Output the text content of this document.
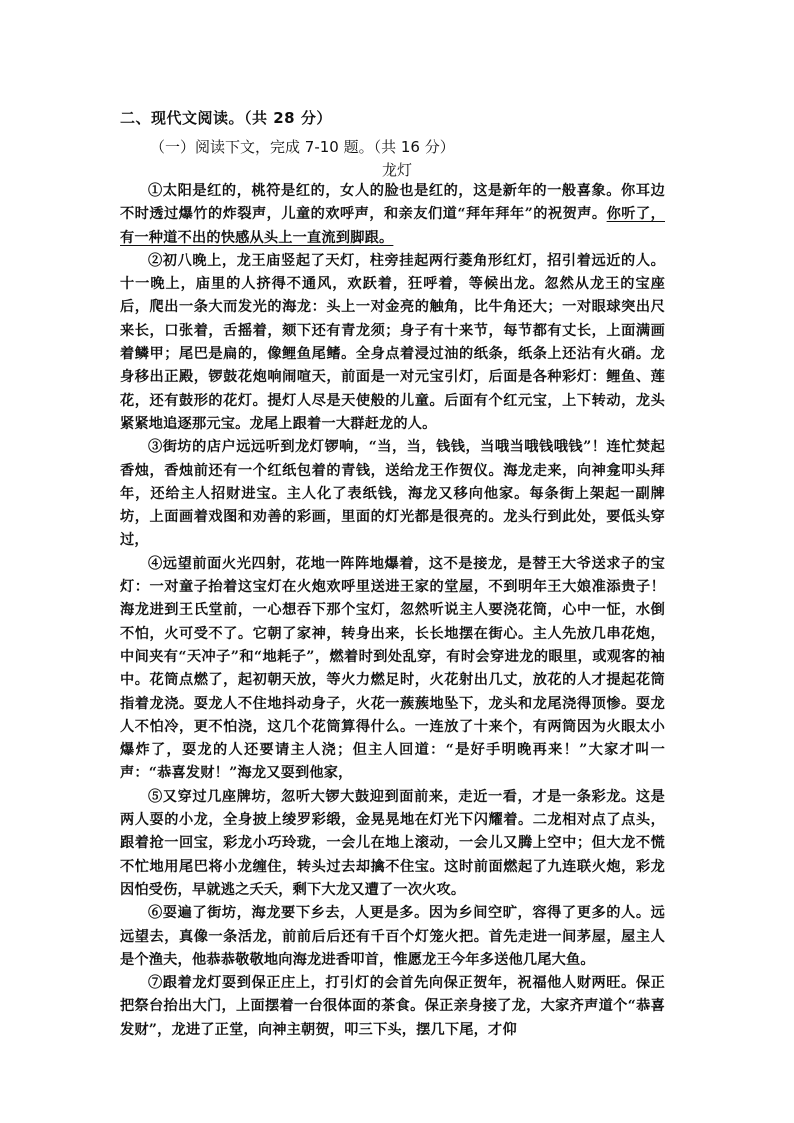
二、现代文阅读。（共 28 分）
（一）阅读下文，完成 7-10 题。（共 16 分）
龙灯

①太阳是红的，桃符是红的，女人的脸也是红的，这是新年的一般喜象。你耳边不时透过爆竹的炸裂声，儿童的欢呼声，和亲友们道“拜年拜年”的祝贺声。你听了，有一种道不出的快感从头上一直流到脚跟。

②初八晚上，龙王庙竖起了天灯，柱旁挂起两行菱角形红灯，招引着远近的人。十一晚上，庙里的人挤得不通风，欢跃着，狂呼着，等候出龙。忽然从龙王的宝座后，爬出一条大而发光的海龙：头上一对金亮的触角，比牛角还大；一对眼球突出尺来长，口张着，舌摇着，颏下还有青龙须；身子有十来节，每节都有丈长，上面满画着鳞甲；尾巴是扁的，像鲤鱼尾鳍。全身点着浸过油的纸条，纸条上还沾有火硝。龙身移出正殿，锣鼓花炮响闹喧天，前面是一对元宝引灯，后面是各种彩灯：鲤鱼、莲花，还有鼓形的花灯。提灯人尽是天使般的儿童。后面有个红元宝，上下转动，龙头紧紧地追逐那元宝。龙尾上跟着一大群赶龙的人。

③街坊的店户远远听到龙灯锣响，“当，当，钱钱，当哦当哦钱哦钱”！连忙焚起香烛，香烛前还有一个红纸包着的青钱，送给龙王作贺仪。海龙走来，向神龛叩头拜年，还给主人招财进宝。主人化了表纸钱，海龙又移向他家。每条街上架起一副牌坊，上面画着戏图和劝善的彩画，里面的灯光都是很亮的。龙头行到此处，要低头穿过，

④远望前面火光四射，花地一阵阵地爆着，这不是接龙，是替王大爷送求子的宝灯：一对童子抬着这宝灯在火炮欢呼里送进王家的堂屋，不到明年王大娘准添贵子！海龙进到王氏堂前，一心想吞下那个宝灯，忽然听说主人要浇花筒，心中一怔，水倒不怕，火可受不了。它朝了家神，转身出来，长长地摆在街心。主人先放几串花炮，中间夹有“天冲子”和“地耗子”，燃着时到处乱穿，有时会穿进龙的眼里，或观客的袖中。花筒点燃了，起初朝天放，等火力燃足时，火花射出几丈，放花的人才提起花筒指着龙浇。耍龙人不住地抖动身子，火花一蔟蔟地坠下，龙头和龙尾浇得顶惨。耍龙人不怕冷，更不怕浇，这几个花筒算得什么。一连放了十来个，有两筒因为火眼太小爆炸了，耍龙的人还要请主人浇；但主人回道：“是好手明晚再来！”大家才叫一声：“恭喜发财！”海龙又耍到他家，

⑤又穿过几座牌坊，忽听大锣大鼓迎到面前来，走近一看，才是一条彩龙。这是两人耍的小龙，全身披上绫罗彩缎，金晃晃地在灯光下闪耀着。二龙相对点了点头，跟着抢一回宝，彩龙小巧玲珑，一会儿在地上滚动，一会儿又腾上空中；但大龙不慌不忙地用尾巴将小龙缠住，转头过去却擒不住宝。这时前面燃起了九连联火炮，彩龙因怕受伤，早就逃之夭夭，剩下大龙又遭了一次火攻。

⑥耍遍了街坊，海龙要下乡去，人更是多。因为乡间空旷，容得了更多的人。远远望去，真像一条活龙，前前后后还有千百个灯笼火把。首先走进一间茅屋，屋主人是个渔夫，他恭恭敬敬地向海龙进香叩首，惟愿龙王今年多送他几尾大鱼。

⑦跟着龙灯耍到保正庄上，打引灯的会首先向保正贺年，祝福他人财两旺。保正把祭台抬出大门，上面摆着一台很体面的茶食。保正亲身接了龙，大家齐声道个“恭喜发财”，龙进了正堂，向神主朝贺，叩三下头，摆几下尾，才仰
